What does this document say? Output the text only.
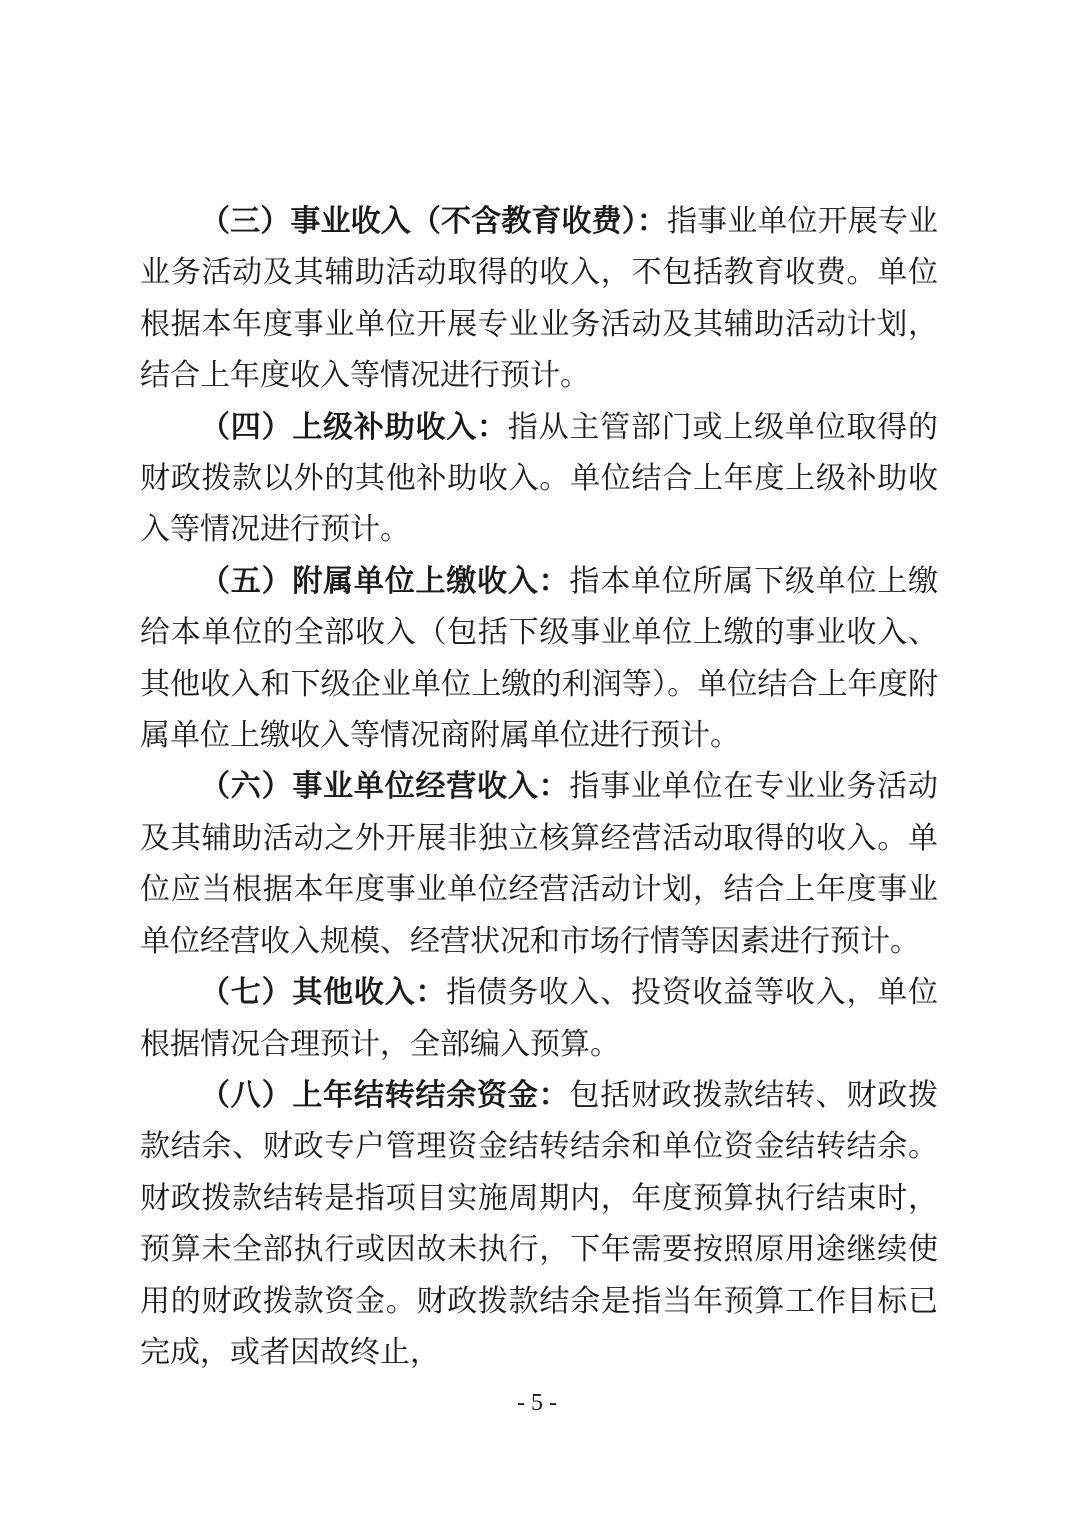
（三）事业收入（不含教育收费）：指事业单位开展专业业务活动及其辅助活动取得的收入，不包括教育收费。单位根据本年度事业单位开展专业业务活动及其辅助活动计划，结合上年度收入等情况进行预计。

（四）上级补助收入：指从主管部门或上级单位取得的财政拨款以外的其他补助收入。单位结合上年度上级补助收入等情况进行预计。

（五）附属单位上缴收入：指本单位所属下级单位上缴给本单位的全部收入（包括下级事业单位上缴的事业收入、其他收入和下级企业单位上缴的利润等）。单位结合上年度附属单位上缴收入等情况商附属单位进行预计。

（六）事业单位经营收入：指事业单位在专业业务活动及其辅助活动之外开展非独立核算经营活动取得的收入。单位应当根据本年度事业单位经营活动计划，结合上年度事业单位经营收入规模、经营状况和市场行情等因素进行预计。

（七）其他收入：指债务收入、投资收益等收入，单位根据情况合理预计，全部编入预算。

（八）上年结转结余资金：包括财政拨款结转、财政拨款结余、财政专户管理资金结转结余和单位资金结转结余。财政拨款结转是指项目实施周期内，年度预算执行结束时，预算未全部执行或因故未执行，下年需要按照原用途继续使用的财政拨款资金。财政拨款结余是指当年预算工作目标已完成，或者因故终止，

- 5 -
